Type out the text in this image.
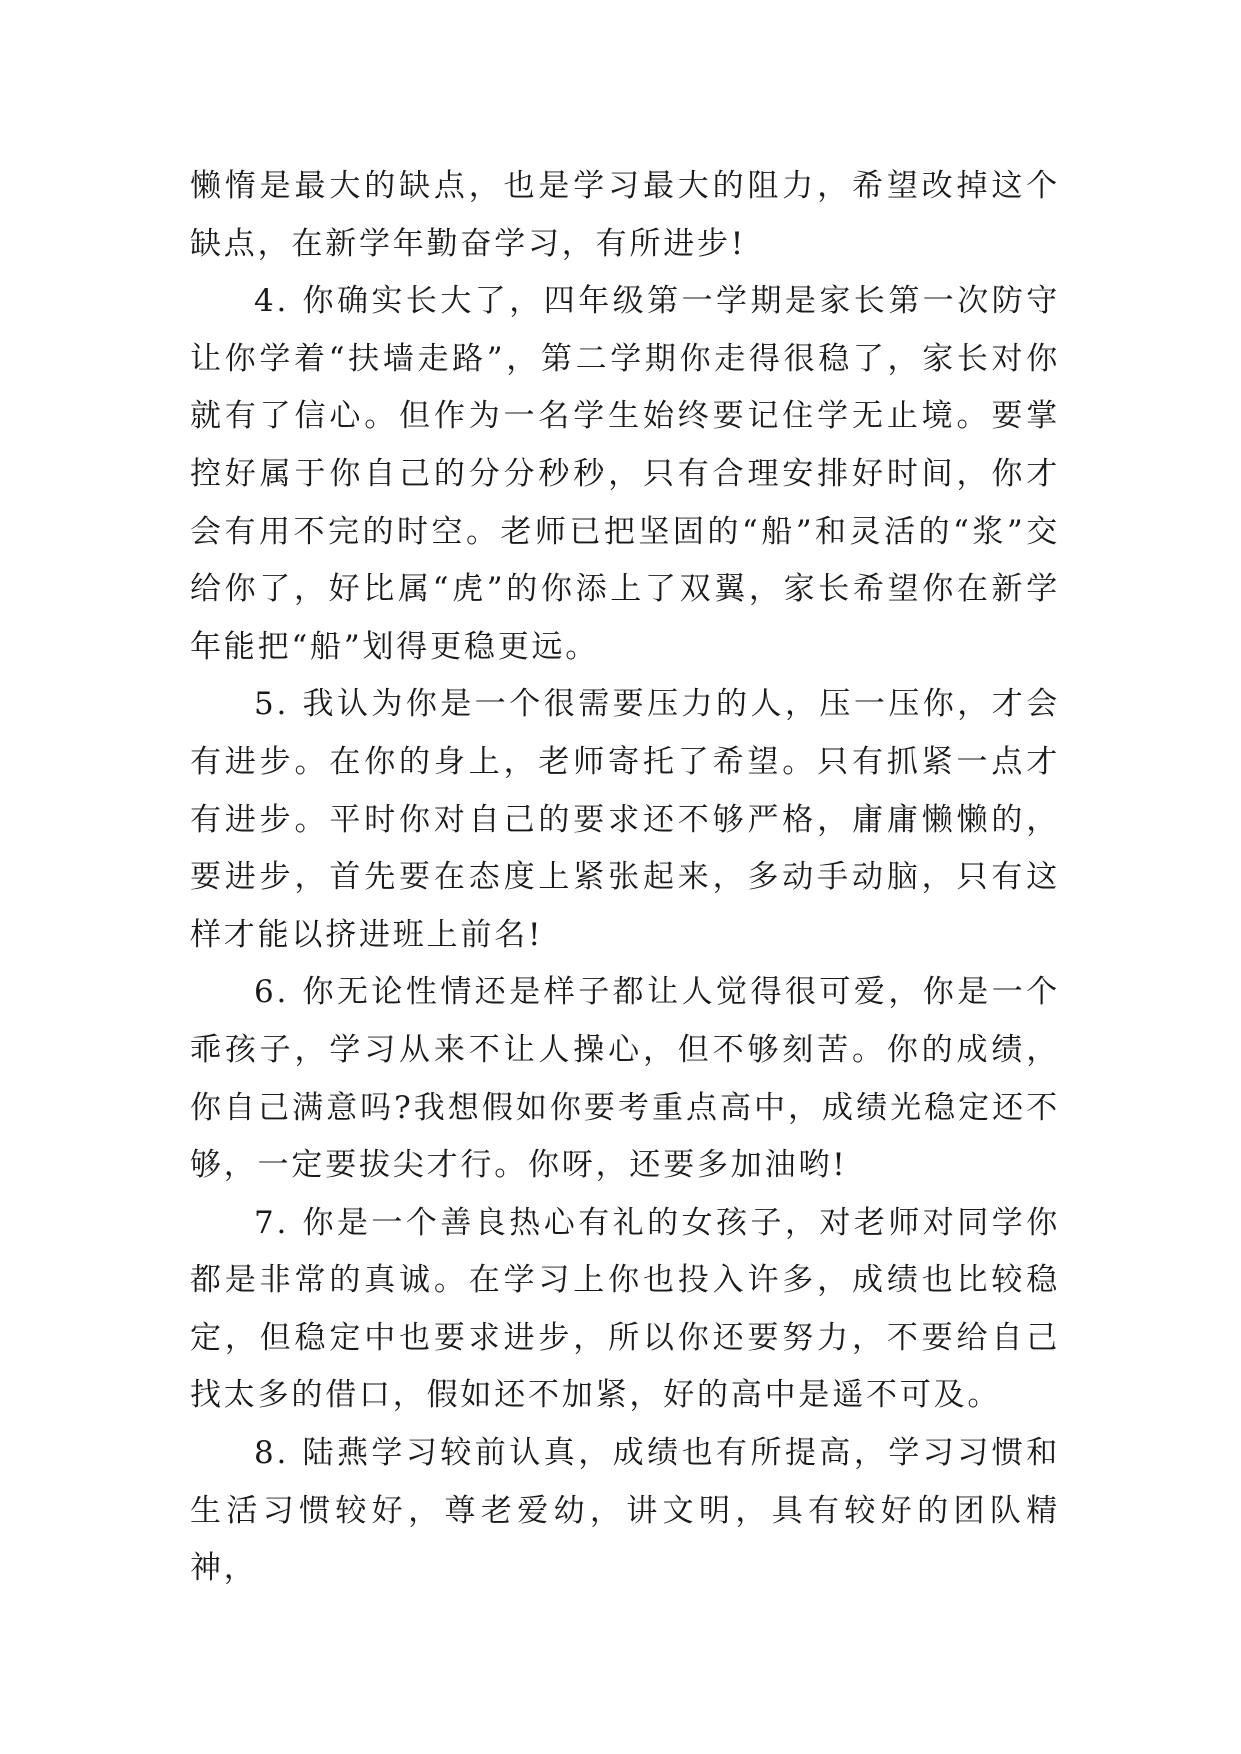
懒惰是最大的缺点，也是学习最大的阻力，希望改掉这个缺点，在新学年勤奋学习，有所进步!

4. 你确实长大了，四年级第一学期是家长第一次防守让你学着“扶墙走路”，第二学期你走得很稳了，家长对你就有了信心。但作为一名学生始终要记住学无止境。要掌控好属于你自己的分分秒秒，只有合理安排好时间，你才会有用不完的时空。老师已把坚固的“船”和灵活的“浆”交给你了，好比属“虎”的你添上了双翼，家长希望你在新学年能把“船”划得更稳更远。

5. 我认为你是一个很需要压力的人，压一压你，才会有进步。在你的身上，老师寄托了希望。只有抓紧一点才有进步。平时你对自己的要求还不够严格，庸庸懒懒的，要进步，首先要在态度上紧张起来，多动手动脑，只有这样才能以挤进班上前名!

6. 你无论性情还是样子都让人觉得很可爱，你是一个乖孩子，学习从来不让人操心，但不够刻苦。你的成绩，你自己满意吗?我想假如你要考重点高中，成绩光稳定还不够，一定要拔尖才行。你呀，还要多加油哟!

7. 你是一个善良热心有礼的女孩子，对老师对同学你都是非常的真诚。在学习上你也投入许多，成绩也比较稳定，但稳定中也要求进步，所以你还要努力，不要给自己找太多的借口，假如还不加紧，好的高中是遥不可及。

8. 陆燕学习较前认真，成绩也有所提高，学习习惯和生活习惯较好，尊老爱幼，讲文明，具有较好的团队精神，
